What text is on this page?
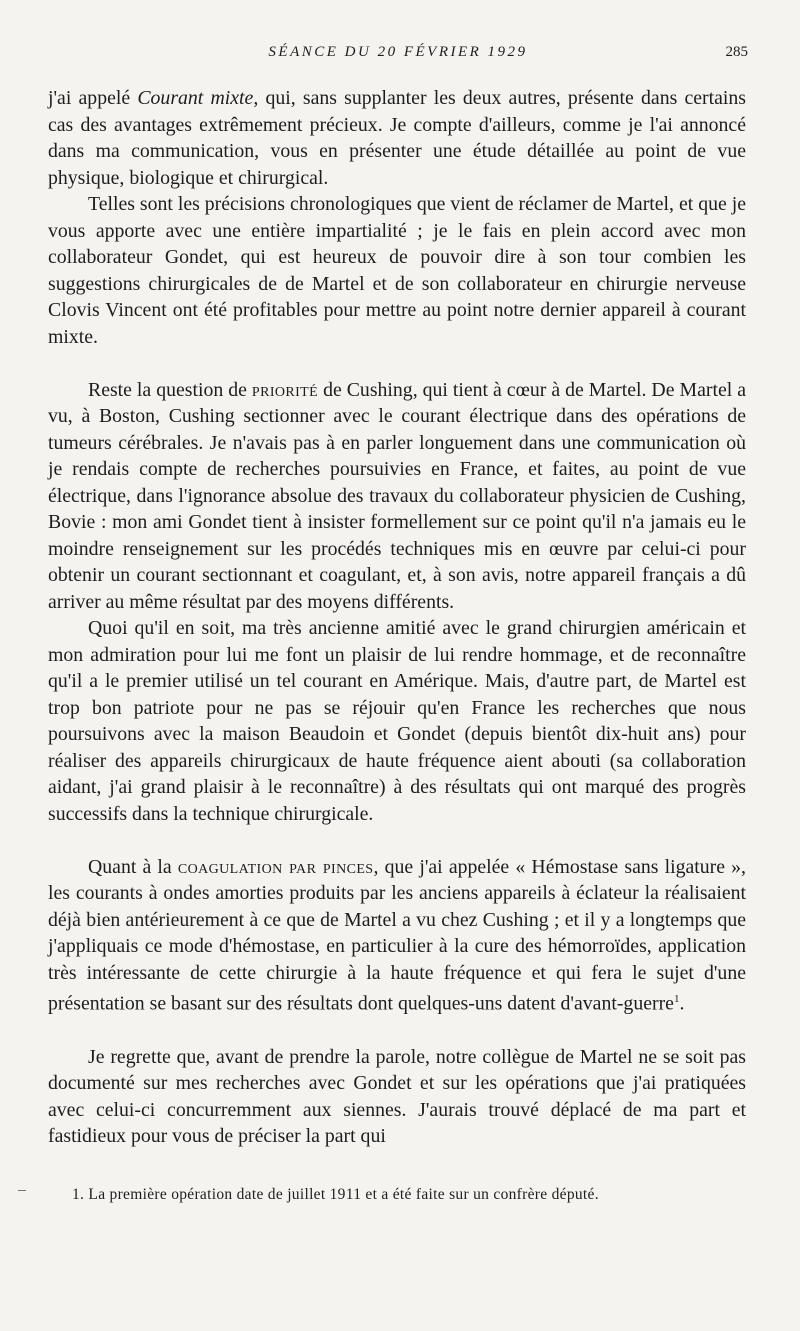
SÉANCE DU 20 FÉVRIER 1929	285

j'ai appelé Courant mixte, qui, sans supplanter les deux autres, présente dans certains cas des avantages extrêmement précieux. Je compte d'ailleurs, comme je l'ai annoncé dans ma communication, vous en présenter une étude détaillée au point de vue physique, biologique et chirurgical.

Telles sont les précisions chronologiques que vient de réclamer de Martel, et que je vous apporte avec une entière impartialité ; je le fais en plein accord avec mon collaborateur Gondet, qui est heureux de pouvoir dire à son tour combien les suggestions chirurgicales de de Martel et de son collaborateur en chirurgie nerveuse Clovis Vincent ont été profitables pour mettre au point notre dernier appareil à courant mixte.

Reste la question de priorité de Cushing, qui tient à cœur à de Martel. De Martel a vu, à Boston, Cushing sectionner avec le courant électrique dans des opérations de tumeurs cérébrales. Je n'avais pas à en parler longuement dans une communication où je rendais compte de recherches poursuivies en France, et faites, au point de vue électrique, dans l'ignorance absolue des travaux du collaborateur physicien de Cushing, Bovie : mon ami Gondet tient à insister formellement sur ce point qu'il n'a jamais eu le moindre renseignement sur les procédés techniques mis en œuvre par celui-ci pour obtenir un courant sectionnant et coagulant, et, à son avis, notre appareil français a dû arriver au même résultat par des moyens différents.

Quoi qu'il en soit, ma très ancienne amitié avec le grand chirurgien américain et mon admiration pour lui me font un plaisir de lui rendre hommage, et de reconnaître qu'il a le premier utilisé un tel courant en Amérique. Mais, d'autre part, de Martel est trop bon patriote pour ne pas se réjouir qu'en France les recherches que nous poursuivons avec la maison Beaudoin et Gondet (depuis bientôt dix-huit ans) pour réaliser des appareils chirurgicaux de haute fréquence aient abouti (sa collaboration aidant, j'ai grand plaisir à le reconnaître) à des résultats qui ont marqué des progrès successifs dans la technique chirurgicale.

Quant à la coagulation par pinces, que j'ai appelée « Hémostase sans ligature », les courants à ondes amorties produits par les anciens appareils à éclateur la réalisaient déjà bien antérieurement à ce que de Martel a vu chez Cushing ; et il y a longtemps que j'appliquais ce mode d'hémostase, en particulier à la cure des hémorroïdes, application très intéressante de cette chirurgie à la haute fréquence et qui fera le sujet d'une présentation se basant sur des résultats dont quelques-uns datent d'avant-guerre$^1$.

Je regrette que, avant de prendre la parole, notre collègue de Martel ne se soit pas documenté sur mes recherches avec Gondet et sur les opérations que j'ai pratiquées avec celui-ci concurremment aux siennes. J'aurais trouvé déplacé de ma part et fastidieux pour vous de préciser la part qui

1. La première opération date de juillet 1911 et a été faite sur un confrère député.
